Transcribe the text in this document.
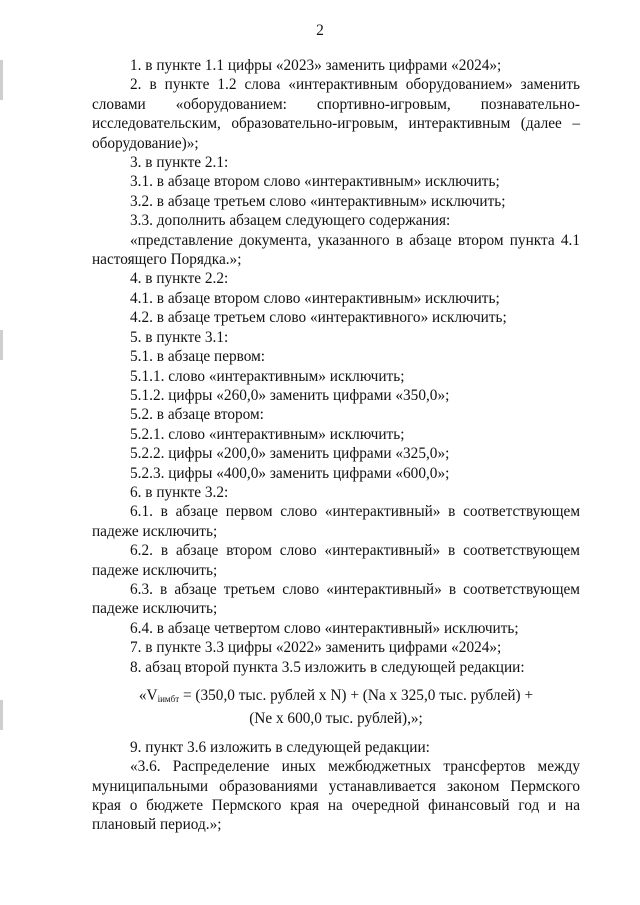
2

1. в пункте 1.1 цифры «2023» заменить цифрами «2024»;

2. в пункте 1.2 слова «интерактивным оборудованием» заменить словами «оборудованием: спортивно-игровым, познавательно-исследовательским, образовательно-игровым, интерактивным (далее – оборудование)»;

3. в пункте 2.1:

3.1. в абзаце втором слово «интерактивным» исключить;

3.2. в абзаце третьем слово «интерактивным» исключить;

3.3. дополнить абзацем следующего содержания:

«представление документа, указанного в абзаце втором пункта 4.1 настоящего Порядка.»;

4. в пункте 2.2:

4.1. в абзаце втором слово «интерактивным» исключить;

4.2. в абзаце третьем слово «интерактивного» исключить;

5. в пункте 3.1:

5.1. в абзаце первом:

5.1.1. слово «интерактивным» исключить;

5.1.2. цифры «260,0» заменить цифрами «350,0»;

5.2. в абзаце втором:

5.2.1. слово «интерактивным» исключить;

5.2.2. цифры «200,0» заменить цифрами «325,0»;

5.2.3. цифры «400,0» заменить цифрами «600,0»;

6. в пункте 3.2:

6.1. в абзаце первом слово «интерактивный» в соответствующем падеже исключить;

6.2. в абзаце втором слово «интерактивный» в соответствующем падеже исключить;

6.3. в абзаце третьем слово «интерактивный» в соответствующем падеже исключить;

6.4. в абзаце четвертом слово «интерактивный» исключить;

7. в пункте 3.3 цифры «2022» заменить цифрами «2024»;

8. абзац второй пункта 3.5 изложить в следующей редакции:

«$V_{iимбт} = (350,0$ тыс. рублей x N) + (Na x 325,0 тыс. рублей) +

(Ne x 600,0 тыс. рублей),»;

9. пункт 3.6 изложить в следующей редакции:

«3.6. Распределение иных межбюджетных трансфертов между муниципальными образованиями устанавливается законом Пермского края о бюджете Пермского края на очередной финансовый год и на плановый период.»;
